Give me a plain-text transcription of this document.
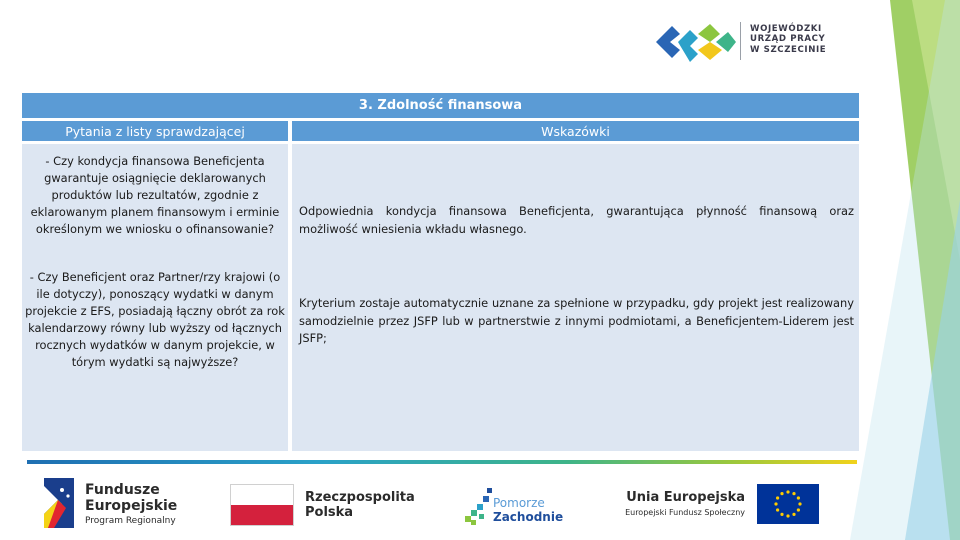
WOJEWÓDZKI
URZĄD PRACY
W SZCZECINIE
3. Zdolność finansowa
Pytania z listy sprawdzającej	Wskazówki
- Czy kondycja finansowa Beneficjenta gwarantuje osiągnięcie deklarowanych produktów lub rezultatów, zgodnie z eklarowanym planem finansowym i erminie określonym we wniosku o ofinansowanie?
Odpowiednia kondycja finansowa Beneficjenta, gwarantująca płynność finansową oraz możliwość wniesienia wkładu własnego.
- Czy Beneficjent oraz Partner/rzy krajowi (o ile dotyczy), ponoszący wydatki w danym projekcie z EFS, posiadają łączny obrót za rok kalendarzowy równy lub wyższy od łącznych rocznych wydatków w danym projekcie, w tórym wydatki są najwyższe?
Kryterium zostaje automatycznie uznane za spełnione w przypadku, gdy projekt jest realizowany samodzielnie przez JSFP lub w partnerstwie z innymi podmiotami, a Beneficjentem-Liderem jest JSFP;
Fundusze
Europejskie
Program Regionalny
Rzeczpospolita
Polska
Pomorze
Zachodnie
Unia Europejska
Europejski Fundusz Społeczny
